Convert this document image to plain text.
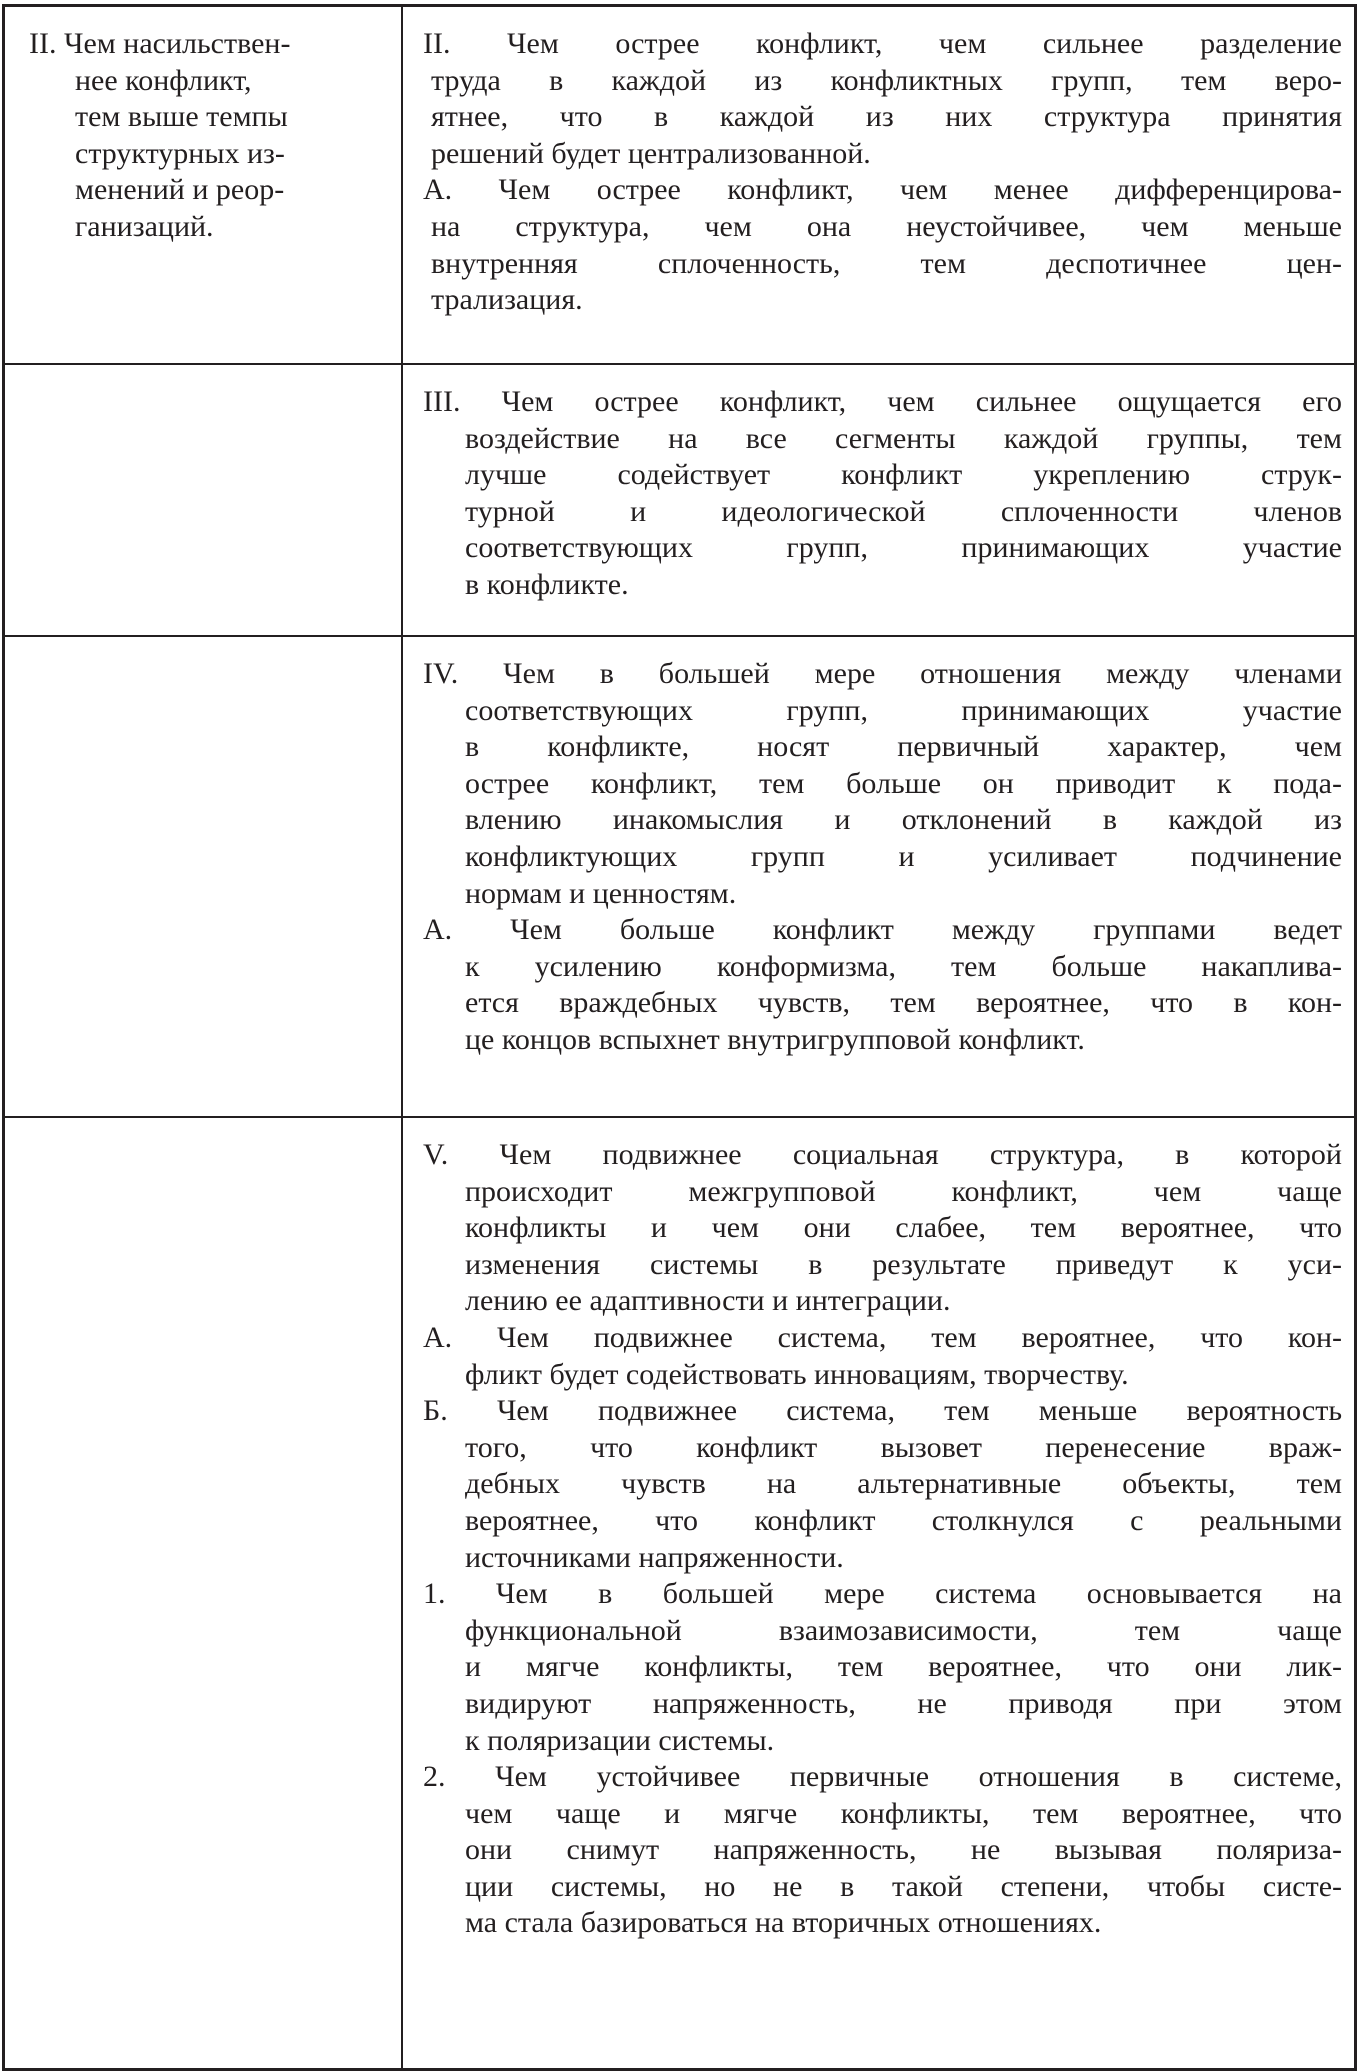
II. Чем насильствен-
нее конфликт,
тем выше темпы
структурных из-
менений и реор-
ганизаций.
II. Чем острее конфликт, чем сильнее разделение
труда в каждой из конфликтных групп, тем веро-
ятнее, что в каждой из них структура принятия
решений будет централизованной.
А. Чем острее конфликт, чем менее дифференцирова-
на структура, чем она неустойчивее, чем меньше
внутренняя сплоченность, тем деспотичнее цен-
трализация.
III. Чем острее конфликт, чем сильнее ощущается его
воздействие на все сегменты каждой группы, тем
лучше содействует конфликт укреплению струк-
турной и идеологической сплоченности членов
соответствующих групп, принимающих участие
в конфликте.
IV. Чем в большей мере отношения между членами
соответствующих групп, принимающих участие
в конфликте, носят первичный характер, чем
острее конфликт, тем больше он приводит к пода-
влению инакомыслия и отклонений в каждой из
конфликтующих групп и усиливает подчинение
нормам и ценностям.
А. Чем больше конфликт между группами ведет
к усилению конформизма, тем больше накаплива-
ется враждебных чувств, тем вероятнее, что в кон-
це концов вспыхнет внутригрупповой конфликт.
V. Чем подвижнее социальная структура, в которой
происходит межгрупповой конфликт, чем чаще
конфликты и чем они слабее, тем вероятнее, что
изменения системы в результате приведут к уси-
лению ее адаптивности и интеграции.
А. Чем подвижнее система, тем вероятнее, что кон-
фликт будет содействовать инновациям, творчеству.
Б. Чем подвижнее система, тем меньше вероятность
того, что конфликт вызовет перенесение враж-
дебных чувств на альтернативные объекты, тем
вероятнее, что конфликт столкнулся с реальными
источниками напряженности.
1. Чем в большей мере система основывается на
функциональной взаимозависимости, тем чаще
и мягче конфликты, тем вероятнее, что они лик-
видируют напряженность, не приводя при этом
к поляризации системы.
2. Чем устойчивее первичные отношения в системе,
чем чаще и мягче конфликты, тем вероятнее, что
они снимут напряженность, не вызывая поляриза-
ции системы, но не в такой степени, чтобы систе-
ма стала базироваться на вторичных отношениях.
